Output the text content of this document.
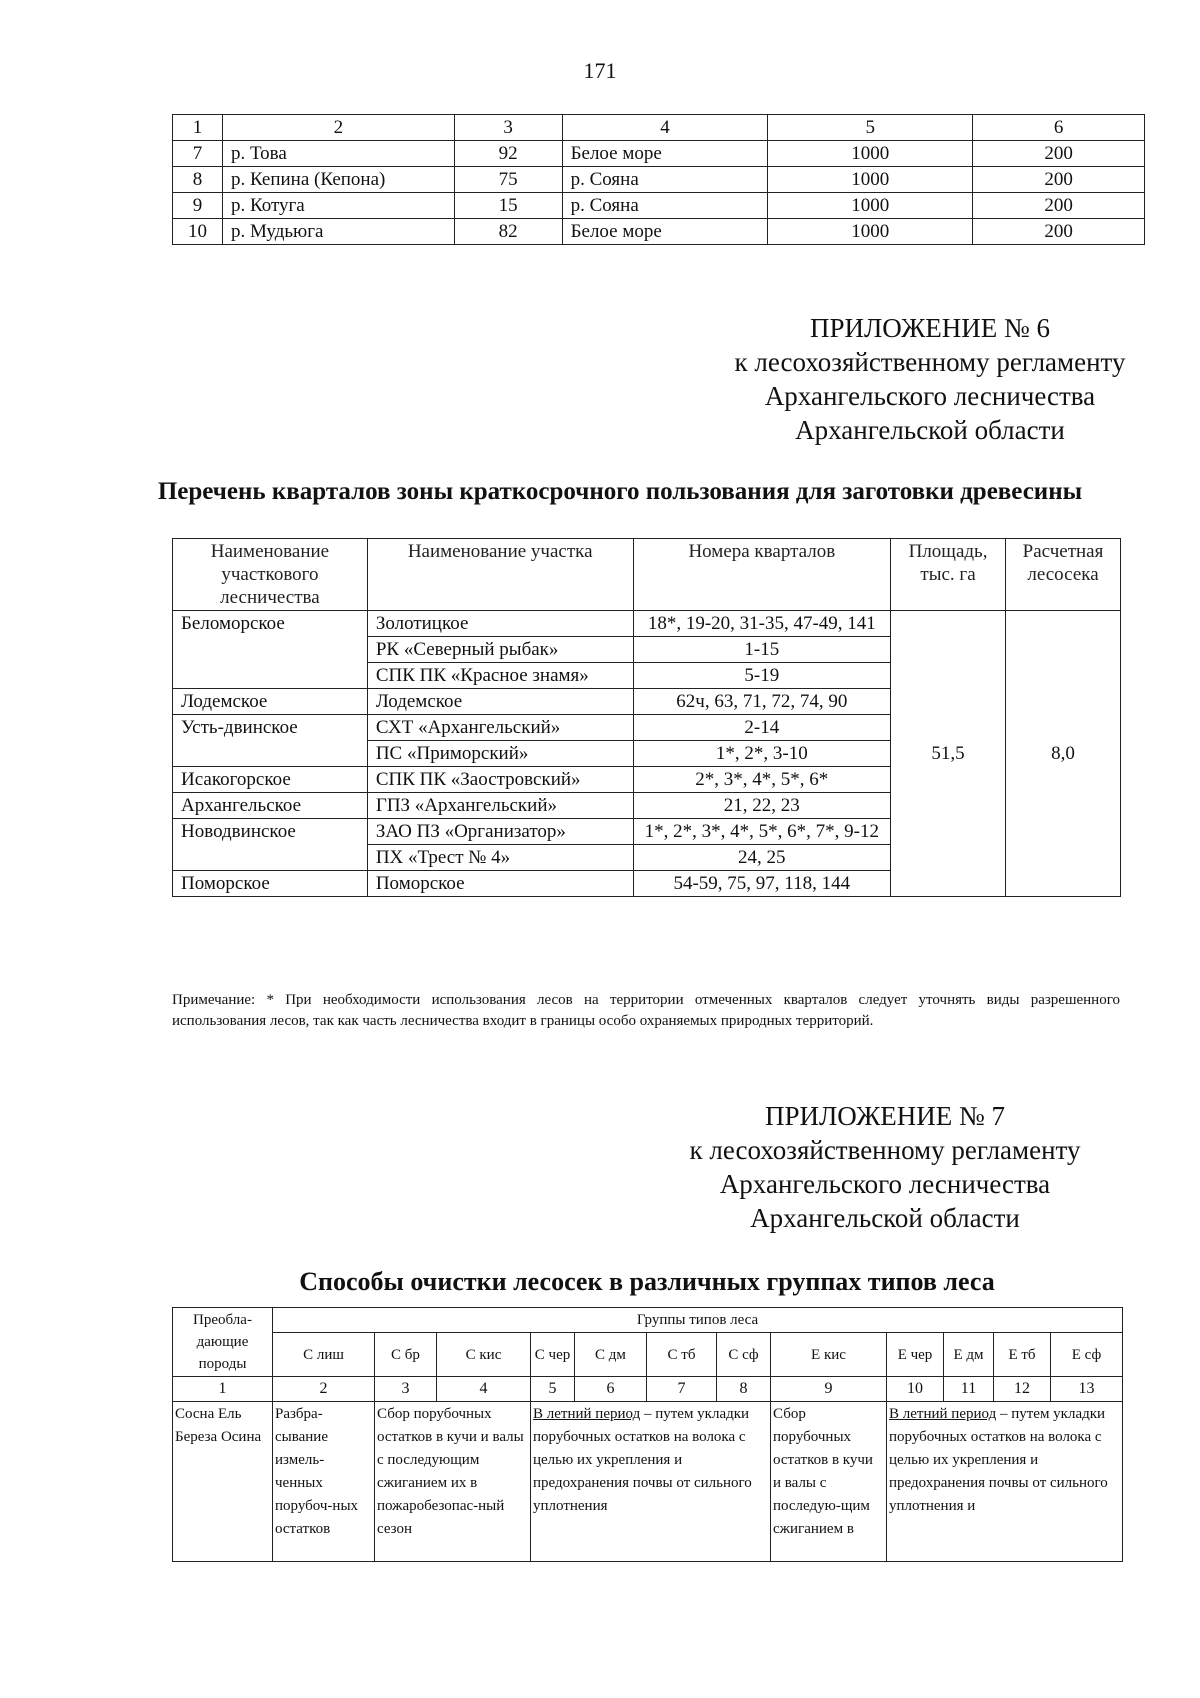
171
1	2	3	4	5	6
7	р. Това	92	Белое море	1000	200
8	р. Кепина (Кепона)	75	р. Сояна	1000	200
9	р. Котуга	15	р. Сояна	1000	200
10	р. Мудьюга	82	Белое море	1000	200
ПРИЛОЖЕНИЕ № 6
к лесохозяйственному регламенту
Архангельского лесничества
Архангельской области
Перечень кварталов зоны краткосрочного пользования для заготовки древесины
Наименование участкового лесничества	Наименование участка	Номера кварталов	Площадь, тыс. га	Расчетная лесосека
Беломорское	Золотицкое	18*, 19-20, 31-35, 47-49, 141	51,5	8,0
	РК «Северный рыбак»	1-15		
	СПК ПК «Красное знамя»	5-19		
Лодемское	Лодемское	62ч, 63, 71, 72, 74, 90		
Усть-двинское	СХТ «Архангельский»	2-14		
	ПС «Приморский»	1*, 2*, 3-10		
Исакогорское	СПК ПК «Заостровский»	2*, 3*, 4*, 5*, 6*		
Архангельское	ГПЗ «Архангельский»	21, 22, 23		
Новодвинское	ЗАО ПЗ «Организатор»	1*, 2*, 3*, 4*, 5*, 6*, 7*, 9-12		
	ПХ «Трест № 4»	24, 25		
Поморское	Поморское	54-59, 75, 97, 118, 144		
Примечание: * При необходимости использования лесов на территории отмеченных кварталов следует уточнять виды разрешенного использования лесов, так как часть лесничества входит в границы особо охраняемых природных территорий.
ПРИЛОЖЕНИЕ № 7
к лесохозяйственному регламенту
Архангельского лесничества
Архангельской области
Способы очистки лесосек в различных группах типов леса
Преобла-дающие породы	Группы типов леса											
	С лиш	С бр	С кис	С чер	С дм	С тб	С сф	Е кис	Е чер	Е дм	Е тб	Е сф
1	2	3	4	5	6	7	8	9	10	11	12	13
Сосна Ель Береза Осина	Разбра-сывание измель-ченных порубоч-ных остатков	Сбор порубочных остатков в кучи и валы с последующим сжиганием их в пожаробезопас-ный сезон		В летний период – путем укладки порубочных остатков на волока с целью их укрепления и предохранения почвы от сильного уплотнения				Сбор порубочных остатков в кучи и валы с последую-щим сжиганием в	В летний период – путем укладки порубочных остатков на волока с целью их укрепления и предохранения почвы от сильного уплотнения и			
